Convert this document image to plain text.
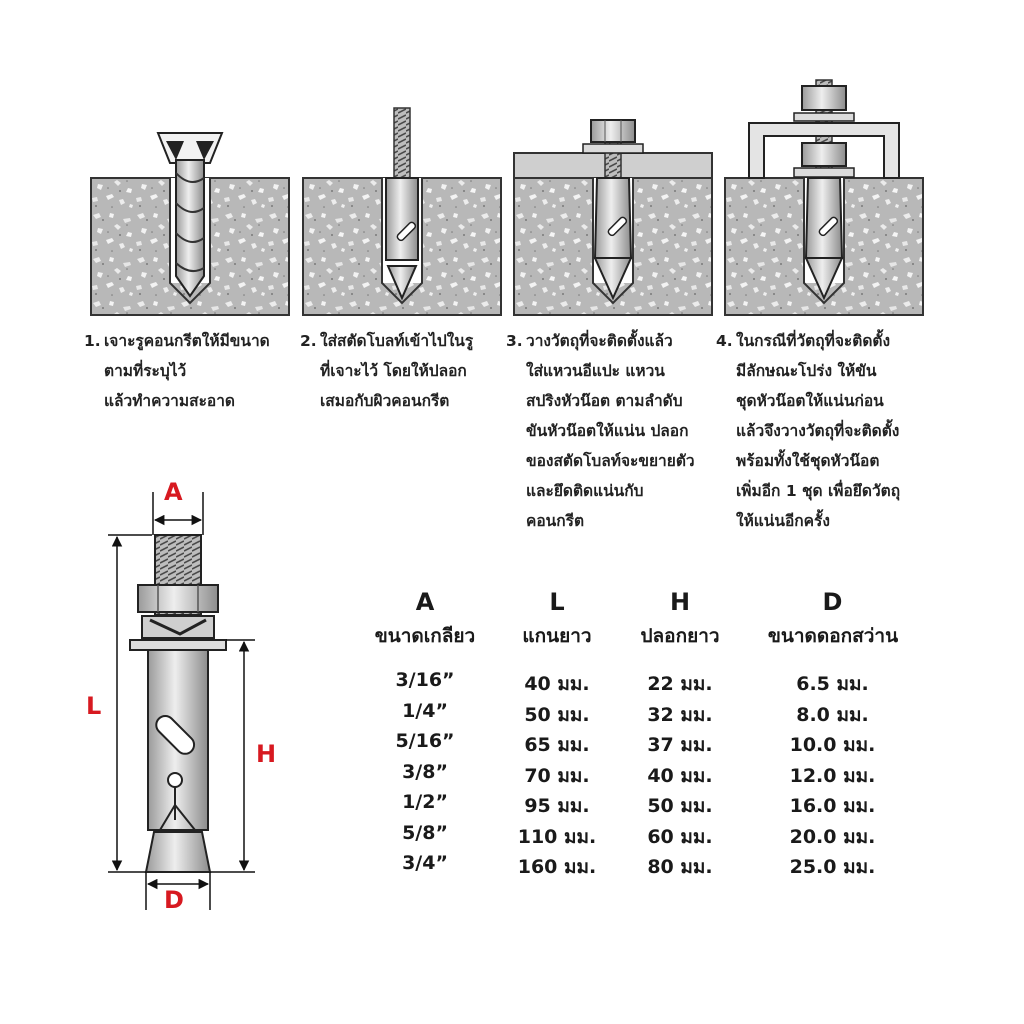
1. เจาะรูคอนกรีตให้มีขนาด
ตามที่ระบุไว้
แล้วทำความสะอาด
2. ใส่สตัดโบลท์เข้าไปในรู
ที่เจาะไว้ โดยให้ปลอก
เสมอกับผิวคอนกรีต
3. วางวัตถุที่จะติดตั้งแล้ว
ใส่แหวนอีแปะ แหวน
สปริงหัวน๊อต ตามลำดับ
ขันหัวน๊อตให้แน่น ปลอก
ของสตัดโบลท์จะขยายตัว
และยึดติดแน่นกับ
คอนกรีต
4. ในกรณีที่วัตถุที่จะติดตั้ง
มีลักษณะโปร่ง ให้ขัน
ชุดหัวน๊อตให้แน่นก่อน
แล้วจึงวางวัตถุที่จะติดตั้ง
พร้อมทั้งใช้ชุดหัวน๊อต
เพิ่มอีก 1 ชุด เพื่อยึดวัตถุ
ให้แน่นอีกครั้ง
A
L
H
D
A	L	H	D
ขนาดเกลียว	แกนยาว	ปลอกยาว	ขนาดดอกสว่าน
3/16”	40 มม.	22 มม.	6.5 มม.
1/4”	50 มม.	32 มม.	8.0 มม.
5/16”	65 มม.	37 มม.	10.0 มม.
3/8”	70 มม.	40 มม.	12.0 มม.
1/2”	95 มม.	50 มม.	16.0 มม.
5/8”	110 มม.	60 มม.	20.0 มม.
3/4”	160 มม.	80 มม.	25.0 มม.
